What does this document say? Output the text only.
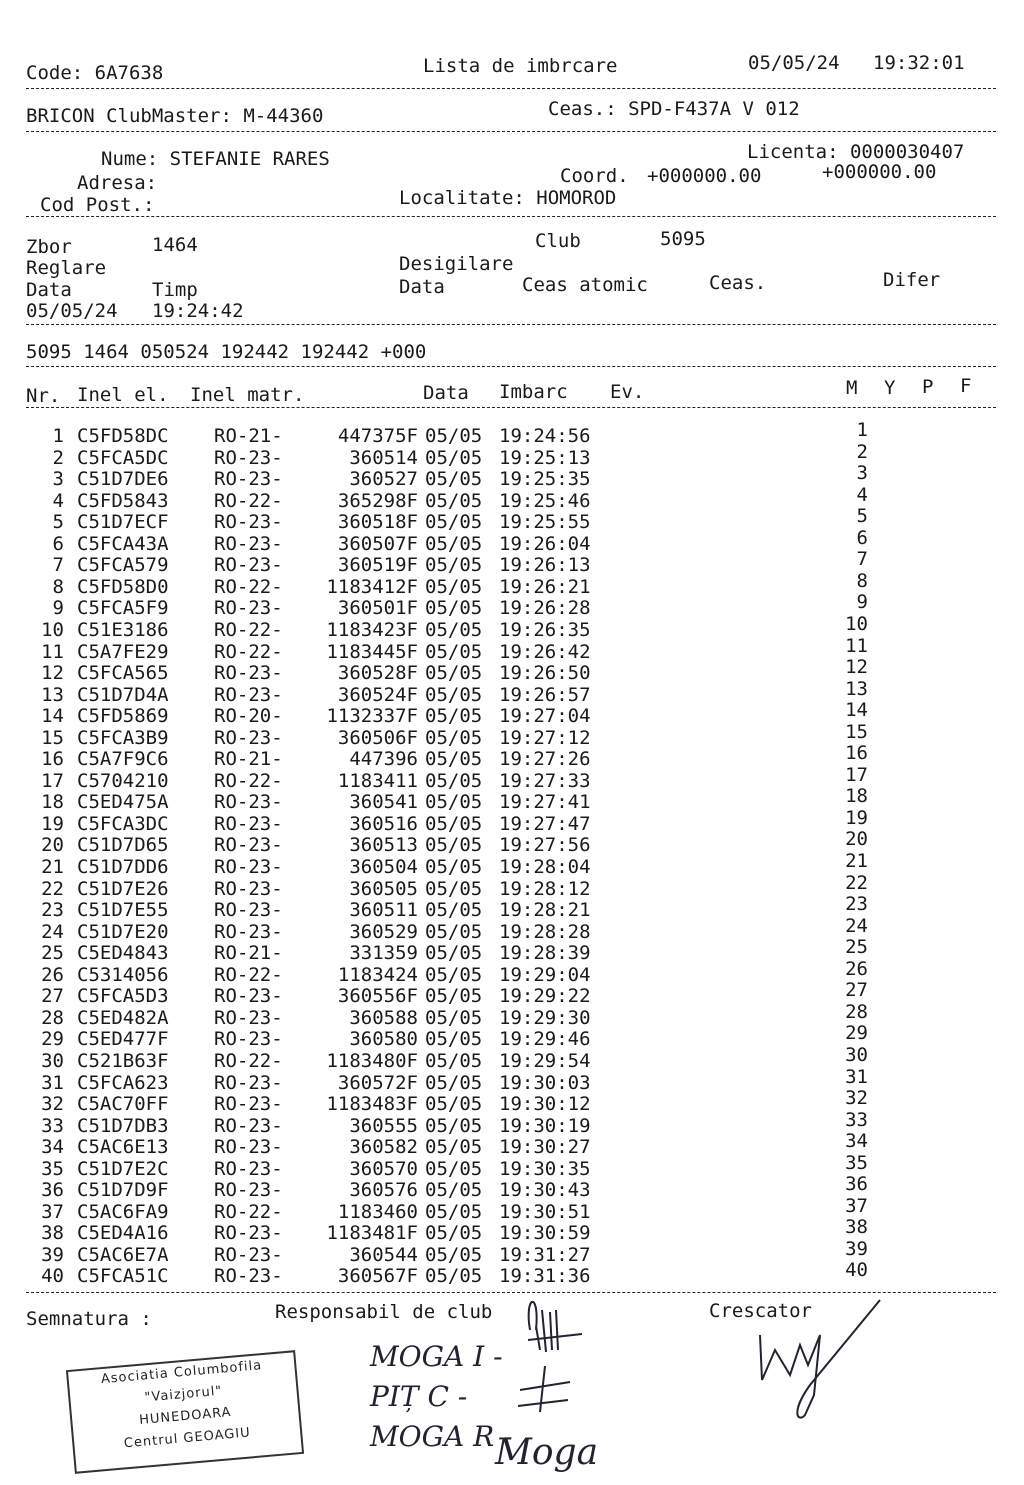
Code: 6A7638	Lista de imbrcare	05/05/24 19:32:01
BRICON ClubMaster: M-44360	Ceas.: SPD-F437A V 012
Nume: STEFANIE RARES	Licenta: 0000030407
Adresa:	Coord. +000000.00	+000000.00
Cod Post.:	Localitate: HOMOROD
Zbor	1464	Club	5095
Reglare	Desigilare
Data	Timp	Data	Ceas atomic	Ceas.	Difer
05/05/24 19:24:42
5095 1464 050524 192442 192442 +000
Nr. Inel el. Inel matr.	Data Imbarc Ev.	M Y P F
1 C5FD58DC RO-21-	447375F 05/05 19:24:56	1
2 C5FCA5DC RO-23-	360514 05/05 19:25:13	2
3 C51D7DE6 RO-23-	360527 05/05 19:25:35	3
4 C5FD5843 RO-22-	365298F 05/05 19:25:46	4
5 C51D7ECF RO-23-	360518F 05/05 19:25:55	5
6 C5FCA43A RO-23-	360507F 05/05 19:26:04	6
7 C5FCA579 RO-23-	360519F 05/05 19:26:13	7
8 C5FD58D0 RO-22-	1183412F 05/05 19:26:21	8
9 C5FCA5F9 RO-23-	360501F 05/05 19:26:28	9
10 C51E3186 RO-22-	1183423F 05/05 19:26:35	10
11 C5A7FE29 RO-22-	1183445F 05/05 19:26:42	11
12 C5FCA565 RO-23-	360528F 05/05 19:26:50	12
13 C51D7D4A RO-23-	360524F 05/05 19:26:57	13
14 C5FD5869 RO-20-	1132337F 05/05 19:27:04	14
15 C5FCA3B9 RO-23-	360506F 05/05 19:27:12	15
16 C5A7F9C6 RO-21-	447396 05/05 19:27:26	16
17 C5704210 RO-22-	1183411 05/05 19:27:33	17
18 C5ED475A RO-23-	360541 05/05 19:27:41	18
19 C5FCA3DC RO-23-	360516 05/05 19:27:47	19
20 C51D7D65 RO-23-	360513 05/05 19:27:56	20
21 C51D7DD6 RO-23-	360504 05/05 19:28:04	21
22 C51D7E26 RO-23-	360505 05/05 19:28:12	22
23 C51D7E55 RO-23-	360511 05/05 19:28:21	23
24 C51D7E20 RO-23-	360529 05/05 19:28:28	24
25 C5ED4843 RO-21-	331359 05/05 19:28:39	25
26 C5314056 RO-22-	1183424 05/05 19:29:04	26
27 C5FCA5D3 RO-23-	360556F 05/05 19:29:22	27
28 C5ED482A RO-23-	360588 05/05 19:29:30	28
29 C5ED477F RO-23-	360580 05/05 19:29:46	29
30 C521B63F RO-22-	1183480F 05/05 19:29:54	30
31 C5FCA623 RO-23-	360572F 05/05 19:30:03	31
32 C5AC70FF RO-23-	1183483F 05/05 19:30:12	32
33 C51D7DB3 RO-23-	360555 05/05 19:30:19	33
34 C5AC6E13 RO-23-	360582 05/05 19:30:27	34
35 C51D7E2C RO-23-	360570 05/05 19:30:35	35
36 C51D7D9F RO-23-	360576 05/05 19:30:43	36
37 C5AC6FA9 RO-22-	1183460 05/05 19:30:51	37
38 C5ED4A16 RO-23-	1183481F 05/05 19:30:59	38
39 C5AC6E7A RO-23-	360544 05/05 19:31:27	39
40 C5FCA51C RO-23-	360567F 05/05 19:31:36	40
Semnatura :	Responsabil de club	Crescator
MOGA I -
PIȚ C -
MOGA R -
Moga
Asociatia Columbofila
"Vaizjorul"
HUNEDOARA
Centrul GEOAGIU
